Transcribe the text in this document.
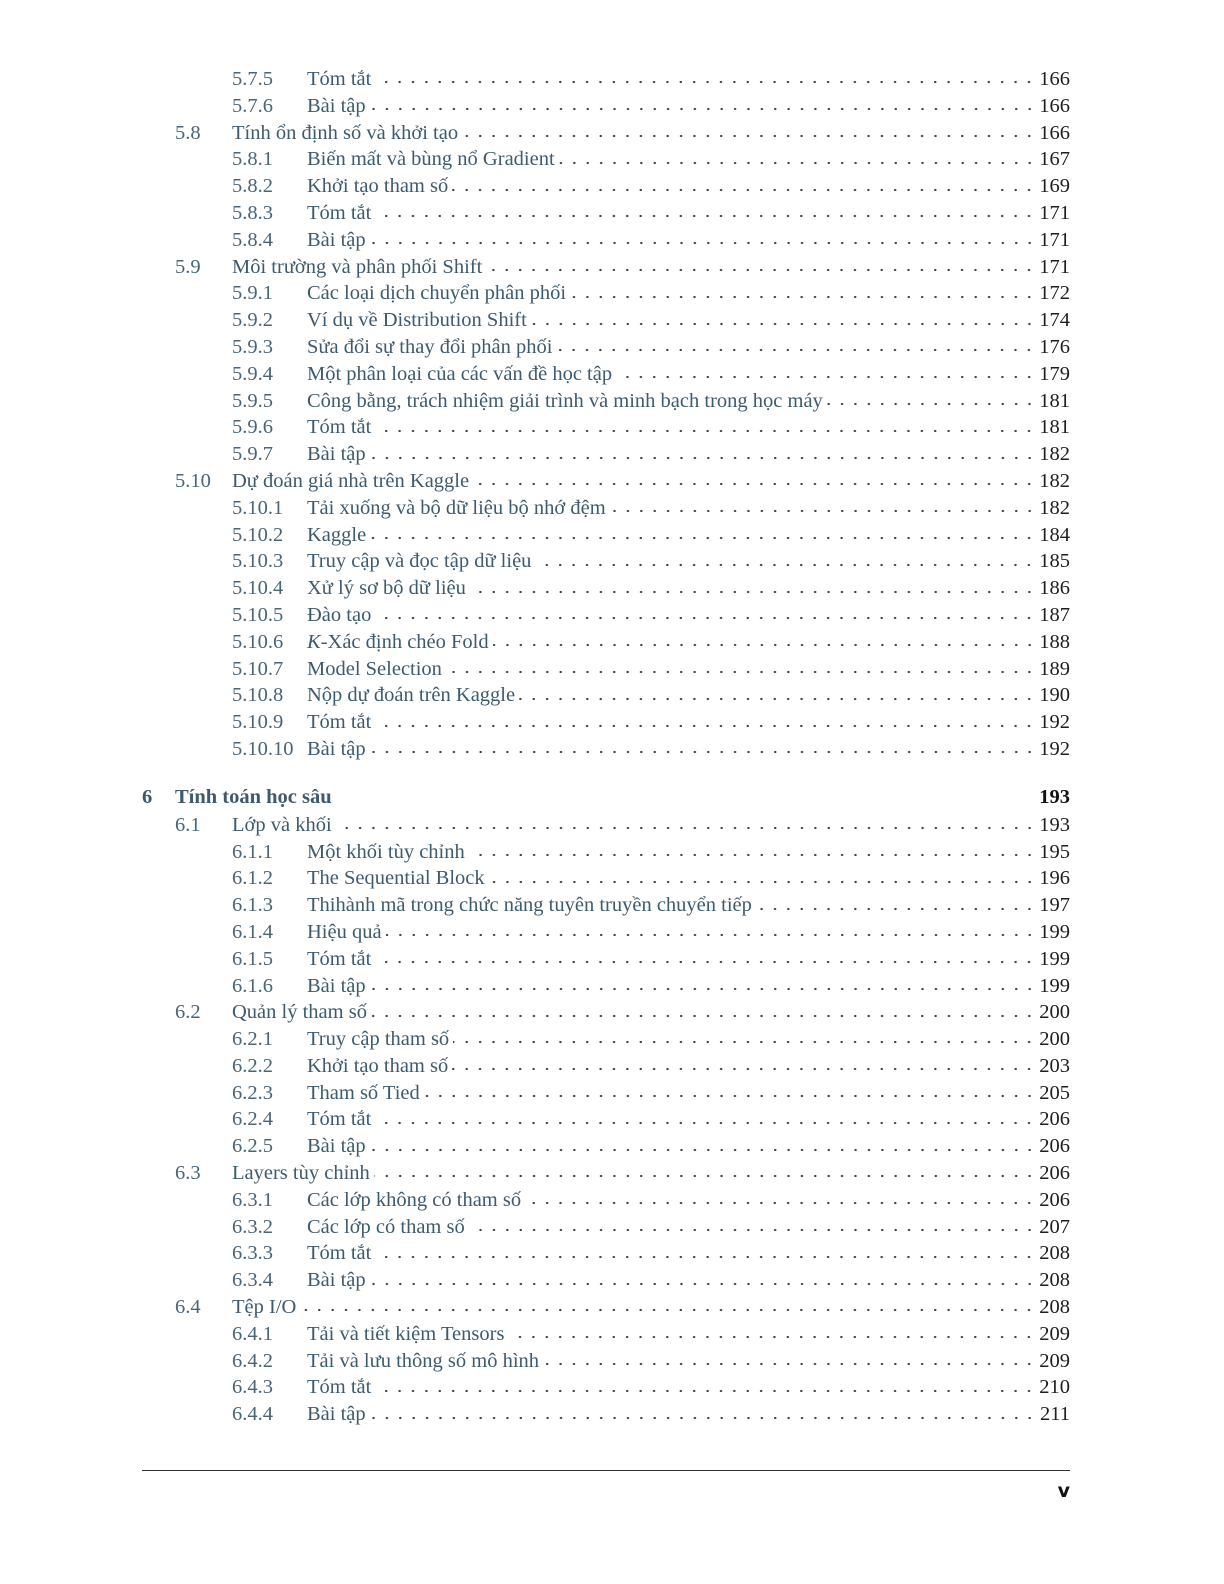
5.7.5	Tóm tắt	166
5.7.6	Bài tập	166
5.8	Tính ổn định số và khởi tạo	166
5.8.1	Biến mất và bùng nổ Gradient	167
5.8.2	Khởi tạo tham số	169
5.8.3	Tóm tắt	171
5.8.4	Bài tập	171
5.9	Môi trường và phân phối Shift	171
5.9.1	Các loại dịch chuyển phân phối	172
5.9.2	Ví dụ về Distribution Shift	174
5.9.3	Sửa đổi sự thay đổi phân phối	176
5.9.4	Một phân loại của các vấn đề học tập	179
5.9.5	Công bằng, trách nhiệm giải trình và minh bạch trong học máy	181
5.9.6	Tóm tắt	181
5.9.7	Bài tập	182
5.10	Dự đoán giá nhà trên Kaggle	182
5.10.1	Tải xuống và bộ dữ liệu bộ nhớ đệm	182
5.10.2	Kaggle	184
5.10.3	Truy cập và đọc tập dữ liệu	185
5.10.4	Xử lý sơ bộ dữ liệu	186
5.10.5	Đào tạo	187
5.10.6	K-Xác định chéo Fold	188
5.10.7	Model Selection	189
5.10.8	Nộp dự đoán trên Kaggle	190
5.10.9	Tóm tắt	192
5.10.10 Bài tập	192
6	Tính toán học sâu	193
6.1	Lớp và khối	193
6.1.1	Một khối tùy chỉnh	195
6.1.2	The Sequential Block	196
6.1.3	Thihành mã trong chức năng tuyên truyền chuyển tiếp	197
6.1.4	Hiệu quả	199
6.1.5	Tóm tắt	199
6.1.6	Bài tập	199
6.2	Quản lý tham số	200
6.2.1	Truy cập tham số	200
6.2.2	Khởi tạo tham số	203
6.2.3	Tham số Tied	205
6.2.4	Tóm tắt	206
6.2.5	Bài tập	206
6.3	Layers tùy chỉnh	206
6.3.1	Các lớp không có tham số	206
6.3.2	Các lớp có tham số	207
6.3.3	Tóm tắt	208
6.3.4	Bài tập	208
6.4	Tệp I/O	208
6.4.1	Tải và tiết kiệm Tensors	209
6.4.2	Tải và lưu thông số mô hình	209
6.4.3	Tóm tắt	210
6.4.4	Bài tập	211
v
